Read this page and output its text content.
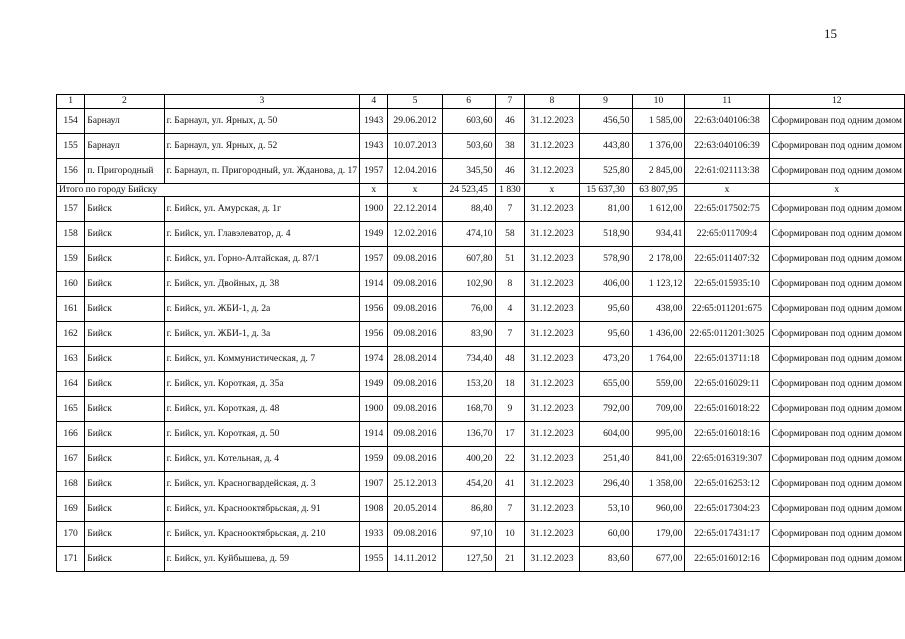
15
1	2	3	4	5	6	7	8	9	10	11	12
154	Барнаул	г. Барнаул, ул. Ярных, д. 50	1943	29.06.2012	603,60	46	31.12.2023	456,50	1 585,00	22:63:040106:38	Сформирован под одним домом
155	Барнаул	г. Барнаул, ул. Ярных, д. 52	1943	10.07.2013	503,60	38	31.12.2023	443,80	1 376,00	22:63:040106:39	Сформирован под одним домом
156	п. Пригородный	г. Барнаул, п. Пригородный, ул. Жданова, д. 17	1957	12.04.2016	345,50	46	31.12.2023	525,80	2 845,00	22:61:021113:38	Сформирован под одним домом
Итого по городу Бийску			x	x	24 523,45	1 830	x	15 637,30	63 807,95	x	x
157	Бийск	г. Бийск, ул. Амурская, д. 1г	1900	22.12.2014	88,40	7	31.12.2023	81,00	1 612,00	22:65:017502:75	Сформирован под одним домом
158	Бийск	г. Бийск, ул. Главэлеватор, д. 4	1949	12.02.2016	474,10	58	31.12.2023	518,90	934,41	22:65:011709:4	Сформирован под одним домом
159	Бийск	г. Бийск, ул. Горно-Алтайская, д. 87/1	1957	09.08.2016	607,80	51	31.12.2023	578,90	2 178,00	22:65:011407:32	Сформирован под одним домом
160	Бийск	г. Бийск, ул. Двойных, д. 38	1914	09.08.2016	102,90	8	31.12.2023	406,00	1 123,12	22:65:015935:10	Сформирован под одним домом
161	Бийск	г. Бийск, ул. ЖБИ-1, д. 2а	1956	09.08.2016	76,00	4	31.12.2023	95,60	438,00	22:65:011201:675	Сформирован под одним домом
162	Бийск	г. Бийск, ул. ЖБИ-1, д. 3а	1956	09.08.2016	83,90	7	31.12.2023	95,60	1 436,00	22:65:011201:3025	Сформирован под одним домом
163	Бийск	г. Бийск, ул. Коммунистическая, д. 7	1974	28.08.2014	734,40	48	31.12.2023	473,20	1 764,00	22:65:013711:18	Сформирован под одним домом
164	Бийск	г. Бийск, ул. Короткая, д. 35а	1949	09.08.2016	153,20	18	31.12.2023	655,00	559,00	22:65:016029:11	Сформирован под одним домом
165	Бийск	г. Бийск, ул. Короткая, д. 48	1900	09.08.2016	168,70	9	31.12.2023	792,00	709,00	22:65:016018:22	Сформирован под одним домом
166	Бийск	г. Бийск, ул. Короткая, д. 50	1914	09.08.2016	136,70	17	31.12.2023	604,00	995,00	22:65:016018:16	Сформирован под одним домом
167	Бийск	г. Бийск, ул. Котельная, д. 4	1959	09.08.2016	400,20	22	31.12.2023	251,40	841,00	22:65:016319:307	Сформирован под одним домом
168	Бийск	г. Бийск, ул. Красногвардейская, д. 3	1907	25.12.2013	454,20	41	31.12.2023	296,40	1 358,00	22:65:016253:12	Сформирован под одним домом
169	Бийск	г. Бийск, ул. Краснооктябрьская, д. 91	1908	20.05.2014	86,80	7	31.12.2023	53,10	960,00	22:65:017304:23	Сформирован под одним домом
170	Бийск	г. Бийск, ул. Краснооктябрьская, д. 210	1933	09.08.2016	97,10	10	31.12.2023	60,00	179,00	22:65:017431:17	Сформирован под одним домом
171	Бийск	г. Бийск, ул. Куйбышева, д. 59	1955	14.11.2012	127,50	21	31.12.2023	83,60	677,00	22:65:016012:16	Сформирован под одним домом
